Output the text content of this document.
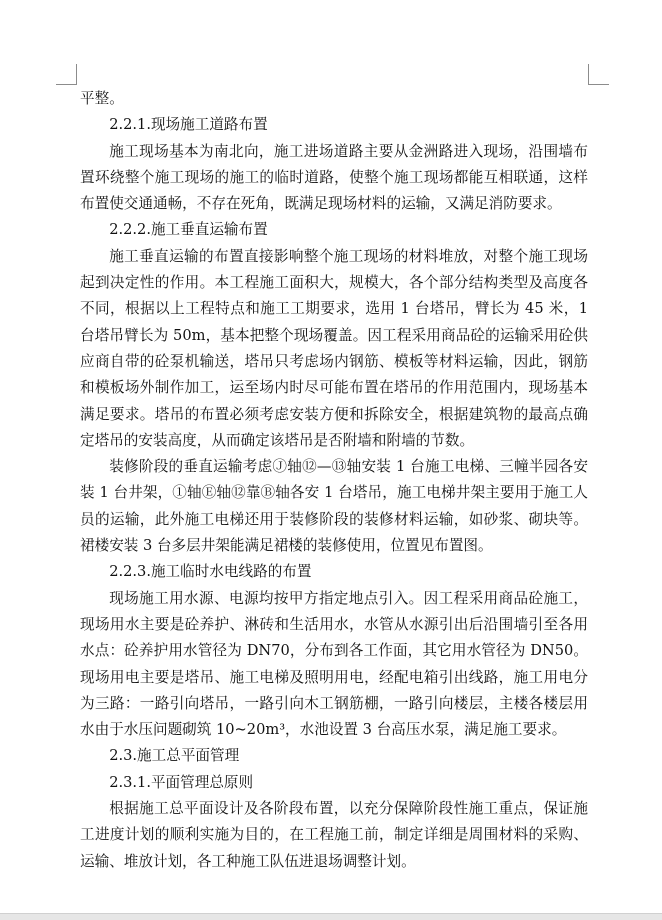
平整。

2.2.1.现场施工道路布置

施工现场基本为南北向，施工进场道路主要从金洲路进入现场，沿围墙布置环绕整个施工现场的施工的临时道路，使整个施工现场都能互相联通，这样布置使交通通畅，不存在死角，既满足现场材料的运输，又满足消防要求。

2.2.2.施工垂直运输布置

施工垂直运输的布置直接影响整个施工现场的材料堆放，对整个施工现场起到决定性的作用。本工程施工面积大，规模大，各个部分结构类型及高度各不同，根据以上工程特点和施工工期要求，选用 1 台塔吊，臂长为 45 米，1 台塔吊臂长为 50m，基本把整个现场覆盖。因工程采用商品砼的运输采用砼供应商自带的砼泵机输送，塔吊只考虑场内钢筋、模板等材料运输，因此，钢筋和模板场外制作加工，运至场内时尽可能布置在塔吊的作用范围内，现场基本满足要求。塔吊的布置必须考虑安装方便和拆除安全，根据建筑物的最高点确定塔吊的安装高度，从而确定该塔吊是否附墙和附墙的节数。

装修阶段的垂直运输考虑Ⓙ轴⑫—⑬轴安装 1 台施工电梯、三幢半园各安装 1 台井架，①轴Ⓔ轴⑫靠Ⓑ轴各安 1 台塔吊，施工电梯井架主要用于施工人员的运输，此外施工电梯还用于装修阶段的装修材料运输，如砂浆、砌块等。裙楼安装 3 台多层井架能满足裙楼的装修使用，位置见布置图。

2.2.3.施工临时水电线路的布置

现场施工用水源、电源均按甲方指定地点引入。因工程采用商品砼施工，现场用水主要是砼养护、淋砖和生活用水，水管从水源引出后沿围墙引至各用水点：砼养护用水管径为 DN70，分布到各工作面，其它用水管径为 DN50。现场用电主要是塔吊、施工电梯及照明用电，经配电箱引出线路，施工用电分为三路：一路引向塔吊，一路引向木工钢筋棚，一路引向楼层，主楼各楼层用水由于水压问题砌筑 10~20m³，水池设置 3 台高压水泵，满足施工要求。

2.3.施工总平面管理

2.3.1.平面管理总原则

根据施工总平面设计及各阶段布置，以充分保障阶段性施工重点，保证施工进度计划的顺利实施为目的，在工程施工前，制定详细是周围材料的采购、运输、堆放计划，各工种施工队伍进退场调整计划。
